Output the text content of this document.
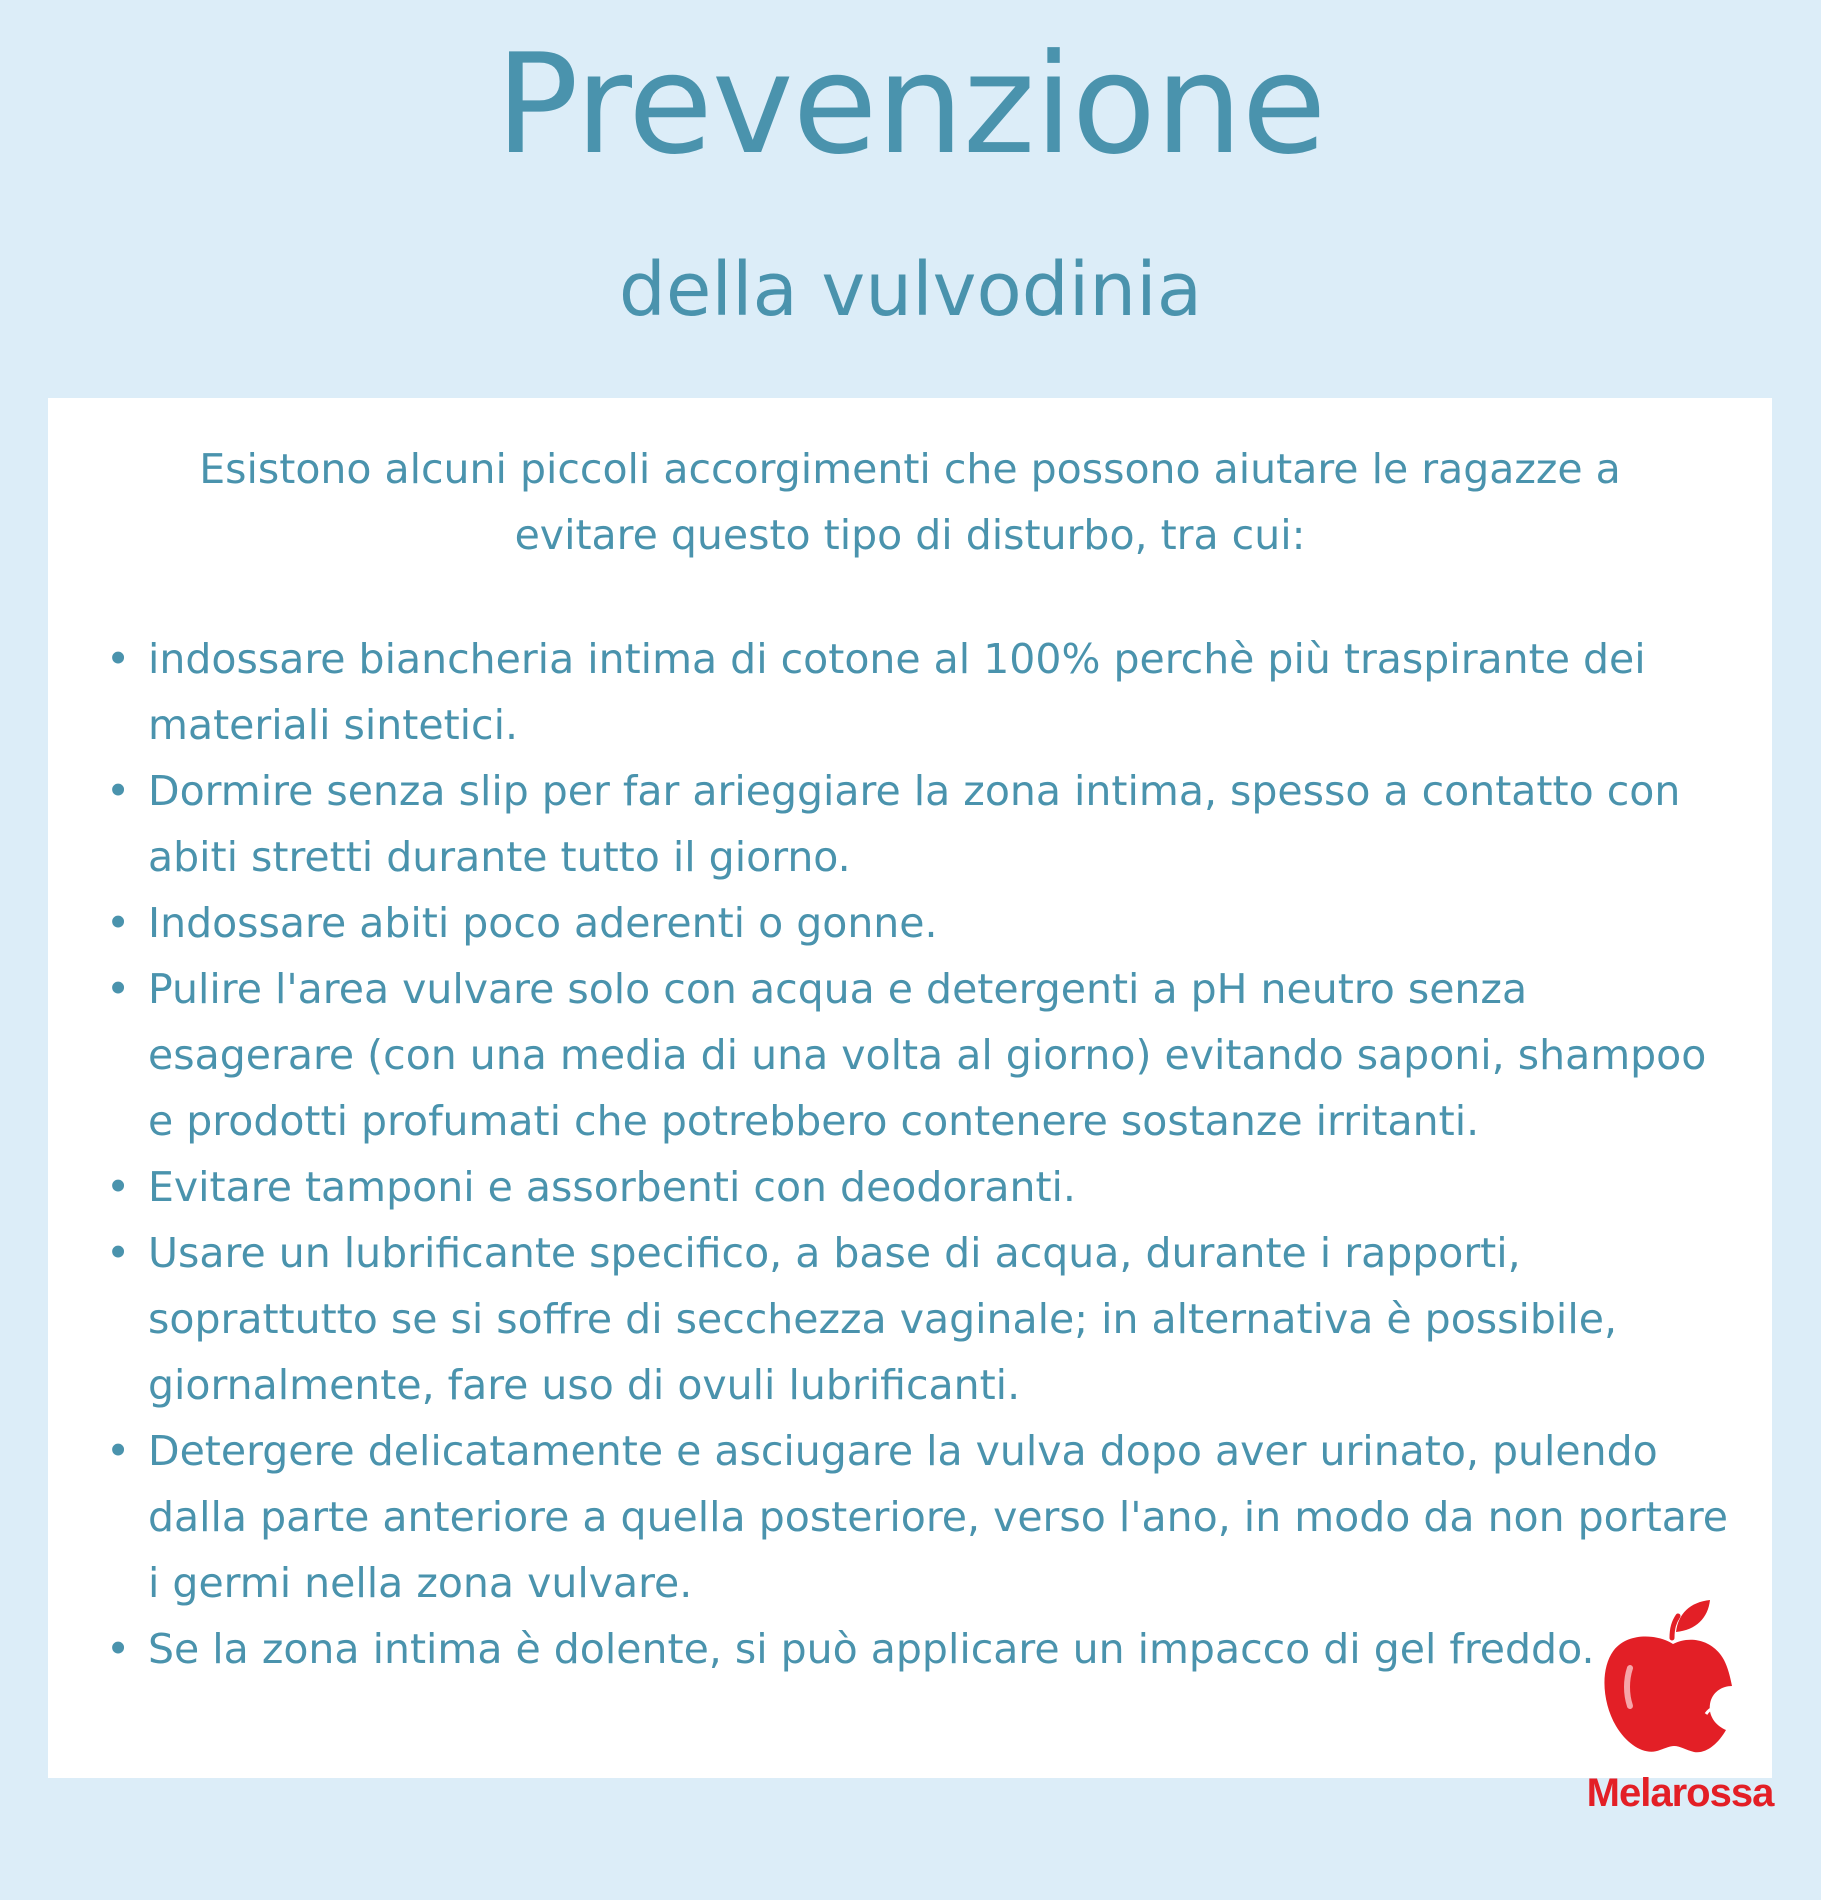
Prevenzione
della vulvodinia

Esistono alcuni piccoli accorgimenti che possono aiutare le ragazze a evitare questo tipo di disturbo, tra cui:

• indossare biancheria intima di cotone al 100% perchè più traspirante dei materiali sintetici.
• Dormire senza slip per far arieggiare la zona intima, spesso a contatto con abiti stretti durante tutto il giorno.
• Indossare abiti poco aderenti o gonne.
• Pulire l'area vulvare solo con acqua e detergenti a pH neutro senza esagerare (con una media di una volta al giorno) evitando saponi, shampoo e prodotti profumati che potrebbero contenere sostanze irritanti.
• Evitare tamponi e assorbenti con deodoranti.
• Usare un lubrificante specifico, a base di acqua, durante i rapporti, soprattutto se si soffre di secchezza vaginale; in alternativa è possibile, giornalmente, fare uso di ovuli lubrificanti.
• Detergere delicatamente e asciugare la vulva dopo aver urinato, pulendo dalla parte anteriore a quella posteriore, verso l'ano, in modo da non portare i germi nella zona vulvare.
• Se la zona intima è dolente, si può applicare un impacco di gel freddo.
Melarossa
